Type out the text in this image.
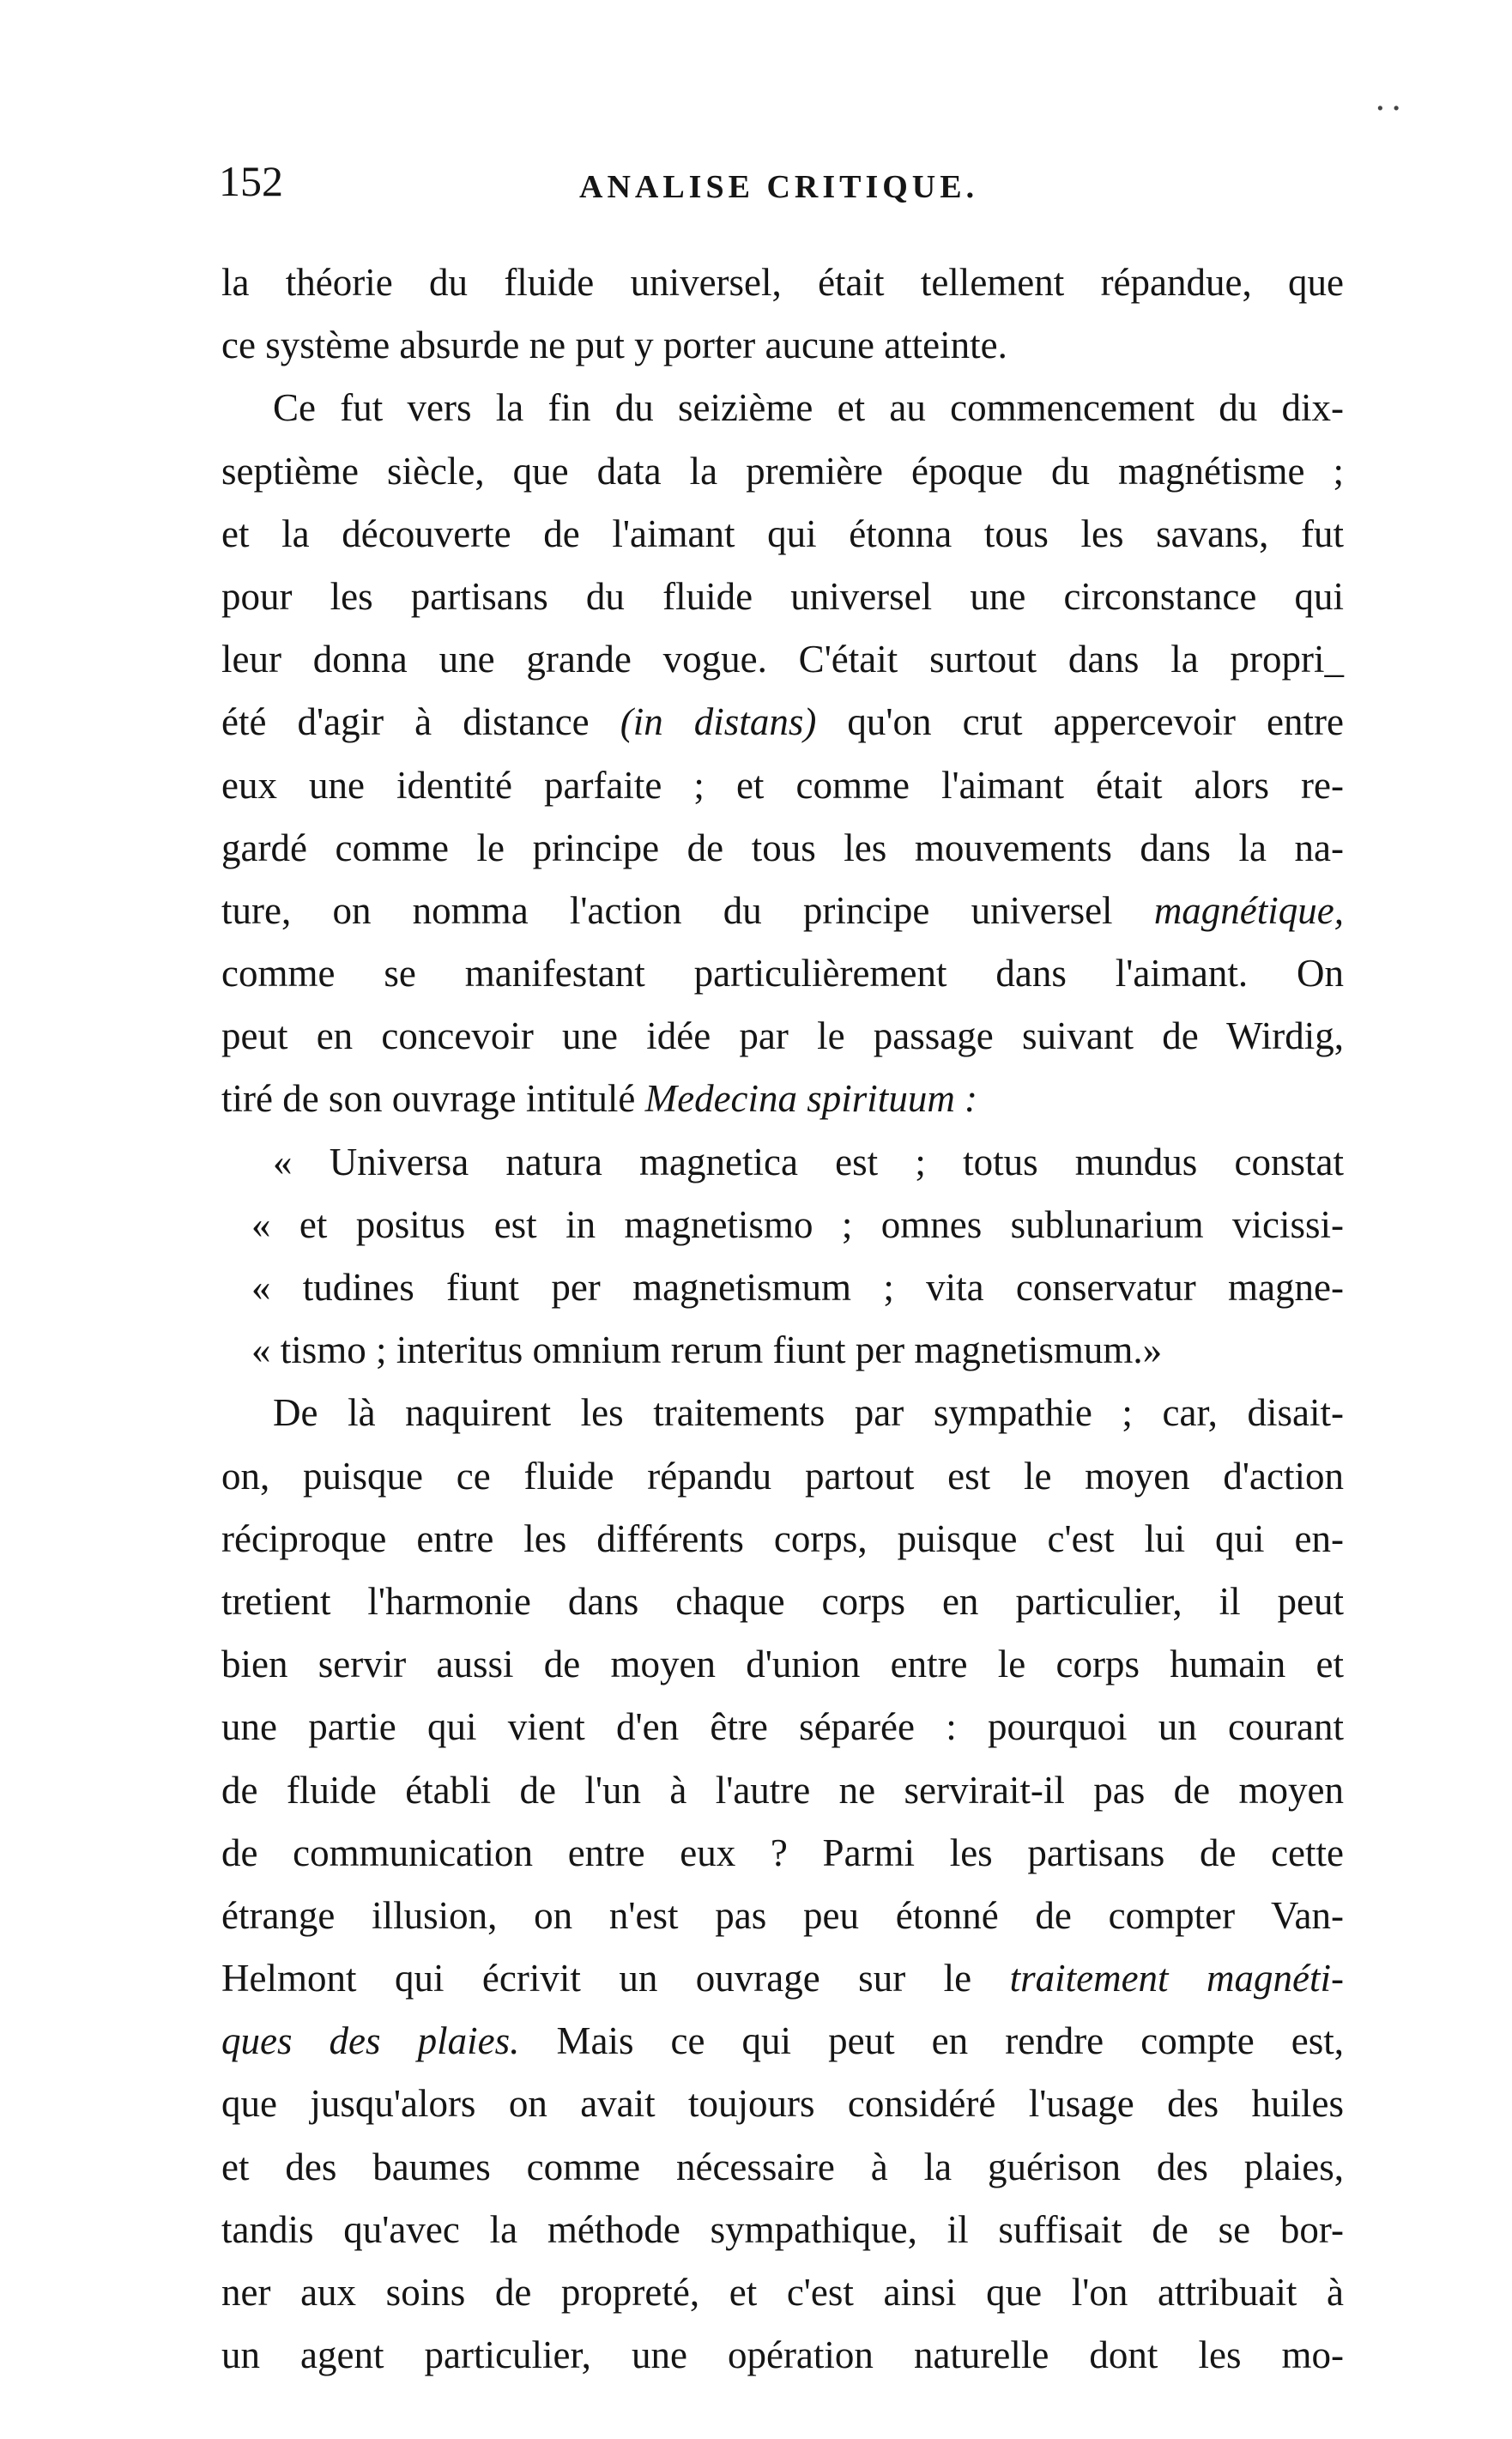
..
152	ANALISE CRITIQUE.
la théorie du fluide universel, était tellement répandue, que
ce système absurde ne put y porter aucune atteinte.
Ce fut vers la fin du seizième et au commencement du dix-
septième siècle, que data la première époque du magnétisme ;
et la découverte de l'aimant qui étonna tous les savans, fut
pour les partisans du fluide universel une circonstance qui
leur donna une grande vogue. C'était surtout dans la propri_
été d'agir à distance (in distans) qu'on crut appercevoir entre
eux une identité parfaite ; et comme l'aimant était alors re-
gardé comme le principe de tous les mouvements dans la na-
ture, on nomma l'action du principe universel magnétique,
comme se manifestant particulièrement dans l'aimant. On
peut en concevoir une idée par le passage suivant de Wirdig,
tiré de son ouvrage intitulé Medecina spirituum :
« Universa natura magnetica est ; totus mundus constat
« et positus est in magnetismo ; omnes sublunarium vicissi-
« tudines fiunt per magnetismum ; vita conservatur magne-
« tismo ; interitus omnium rerum fiunt per magnetismum.»
De là naquirent les traitements par sympathie ; car, disait-
on, puisque ce fluide répandu partout est le moyen d'action
réciproque entre les différents corps, puisque c'est lui qui en-
tretient l'harmonie dans chaque corps en particulier, il peut
bien servir aussi de moyen d'union entre le corps humain et
une partie qui vient d'en être séparée : pourquoi un courant
de fluide établi de l'un à l'autre ne servirait-il pas de moyen
de communication entre eux ? Parmi les partisans de cette
étrange illusion, on n'est pas peu étonné de compter Van-
Helmont qui écrivit un ouvrage sur le traitement magnéti-
ques des plaies. Mais ce qui peut en rendre compte est,
que jusqu'alors on avait toujours considéré l'usage des huiles
et des baumes comme nécessaire à la guérison des plaies,
tandis qu'avec la méthode sympathique, il suffisait de se bor-
ner aux soins de propreté, et c'est ainsi que l'on attribuait à
un agent particulier, une opération naturelle dont les mo-
